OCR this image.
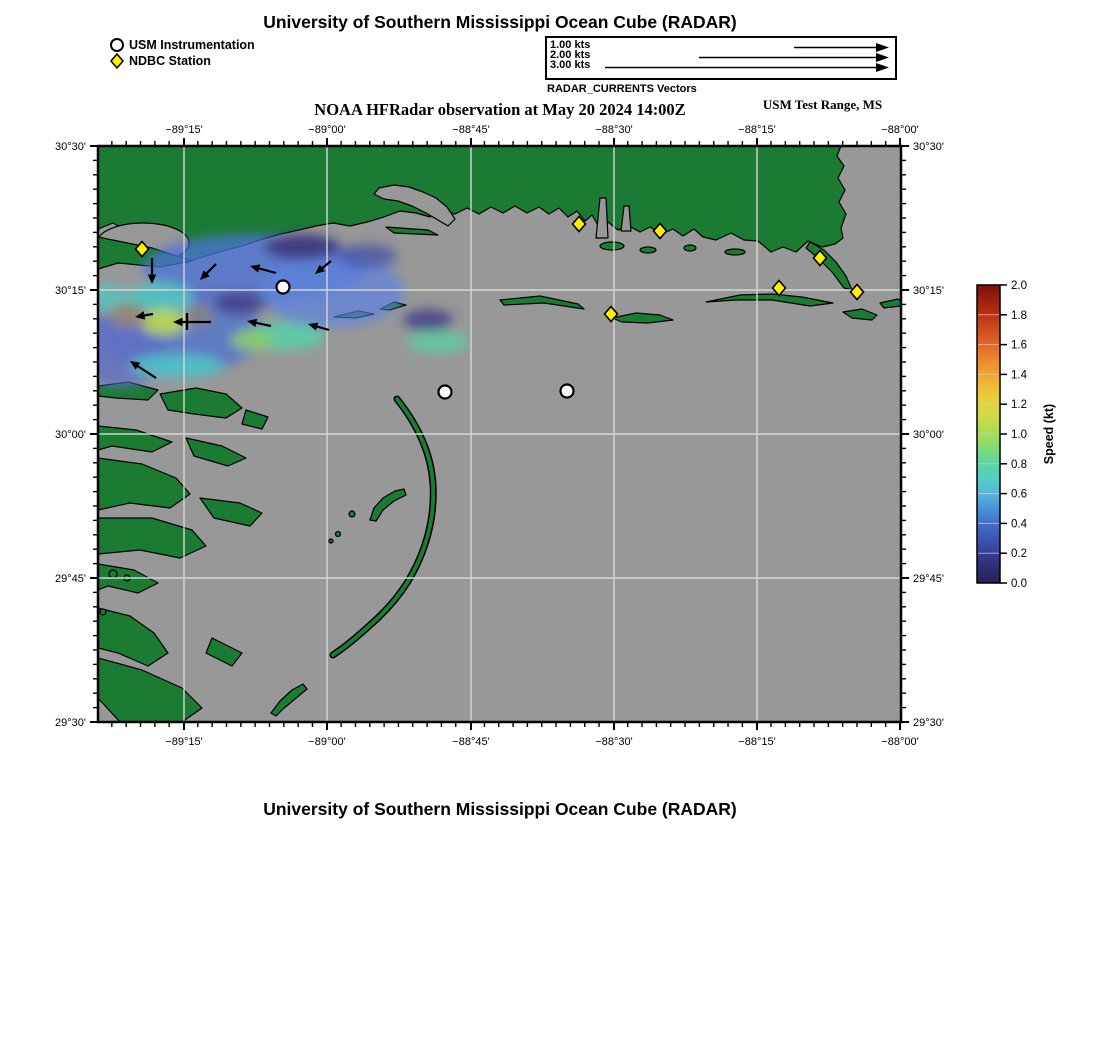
−89°15'
−89°15'
−89°00'
−89°00'
−88°45'
−88°45'
−88°30'
−88°30'
−88°15'
−88°15'
−88°00'
−88°00'
30°30'	30°30'
30°15'	30°15'
30°00'	30°00'
29°45'	29°45'
29°30'	29°30'
0.0
0.2
0.4
0.6
0.8
1.0
1.2
1.4
1.6
1.8
2.0
Speed (kt)
University of Southern Mississippi Ocean Cube (RADAR)
USM Instrumentation
NDBC Station
1.00 kts
2.00 kts
3.00 kts
RADAR_CURRENTS Vectors
NOAA HFRadar observation at May 20 2024 14:00Z	USM Test Range, MS
University of Southern Mississippi Ocean Cube (RADAR)
